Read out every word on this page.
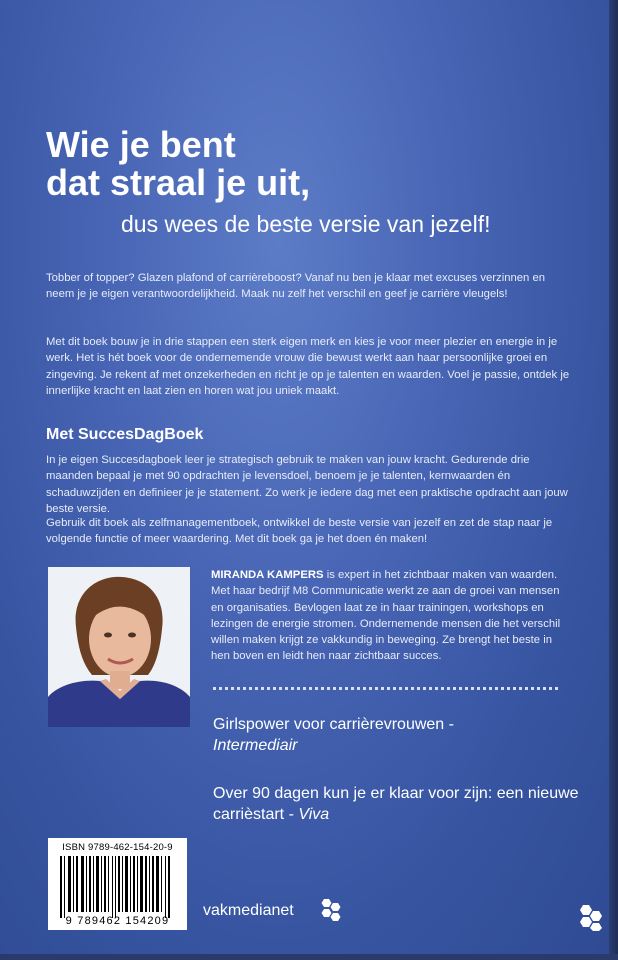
Wie je bent
dat straal je uit,

dus wees de beste versie van jezelf!

Tobber of topper? Glazen plafond of carrièreboost? Vanaf nu ben je klaar met excuses verzinnen en neem je je eigen verantwoordelijkheid. Maak nu zelf het verschil en geef je carrière vleugels!

Met dit boek bouw je in drie stappen een sterk eigen merk en kies je voor meer plezier en energie in je werk. Het is hét boek voor de ondernemende vrouw die bewust werkt aan haar persoonlijke groei en zingeving. Je rekent af met onzekerheden en richt je op je talenten en waarden. Voel je passie, ontdek je innerlijke kracht en laat zien en horen wat jou uniek maakt.

Met SuccesDagBoek

In je eigen Succesdagboek leer je strategisch gebruik te maken van jouw kracht. Gedurende drie maanden bepaal je met 90 opdrachten je levensdoel, benoem je je talenten, kernwaarden én schaduwzijden en definieer je je statement. Zo werk je iedere dag met een praktische opdracht aan jouw beste versie.

Gebruik dit boek als zelfmanagementboek, ontwikkel de beste versie van jezelf en zet de stap naar je volgende functie of meer waardering. Met dit boek ga je het doen én maken!

MIRANDA KAMPERS is expert in het zichtbaar maken van waarden. Met haar bedrijf M8 Communicatie werkt ze aan de groei van mensen en organisaties. Bevlogen laat ze in haar trainingen, workshops en lezingen de energie stromen. Ondernemende mensen die het verschil willen maken krijgt ze vakkundig in beweging. Ze brengt het beste in hen boven en leidt hen naar zichtbaar succes.

Girlspower voor carrièrevrouwen -
Intermediair

Over 90 dagen kun je er klaar voor zijn: een nieuwe carrièstart - Viva

ISBN 9789-462-154-20-9

9 789462 154209

vakmedianet
